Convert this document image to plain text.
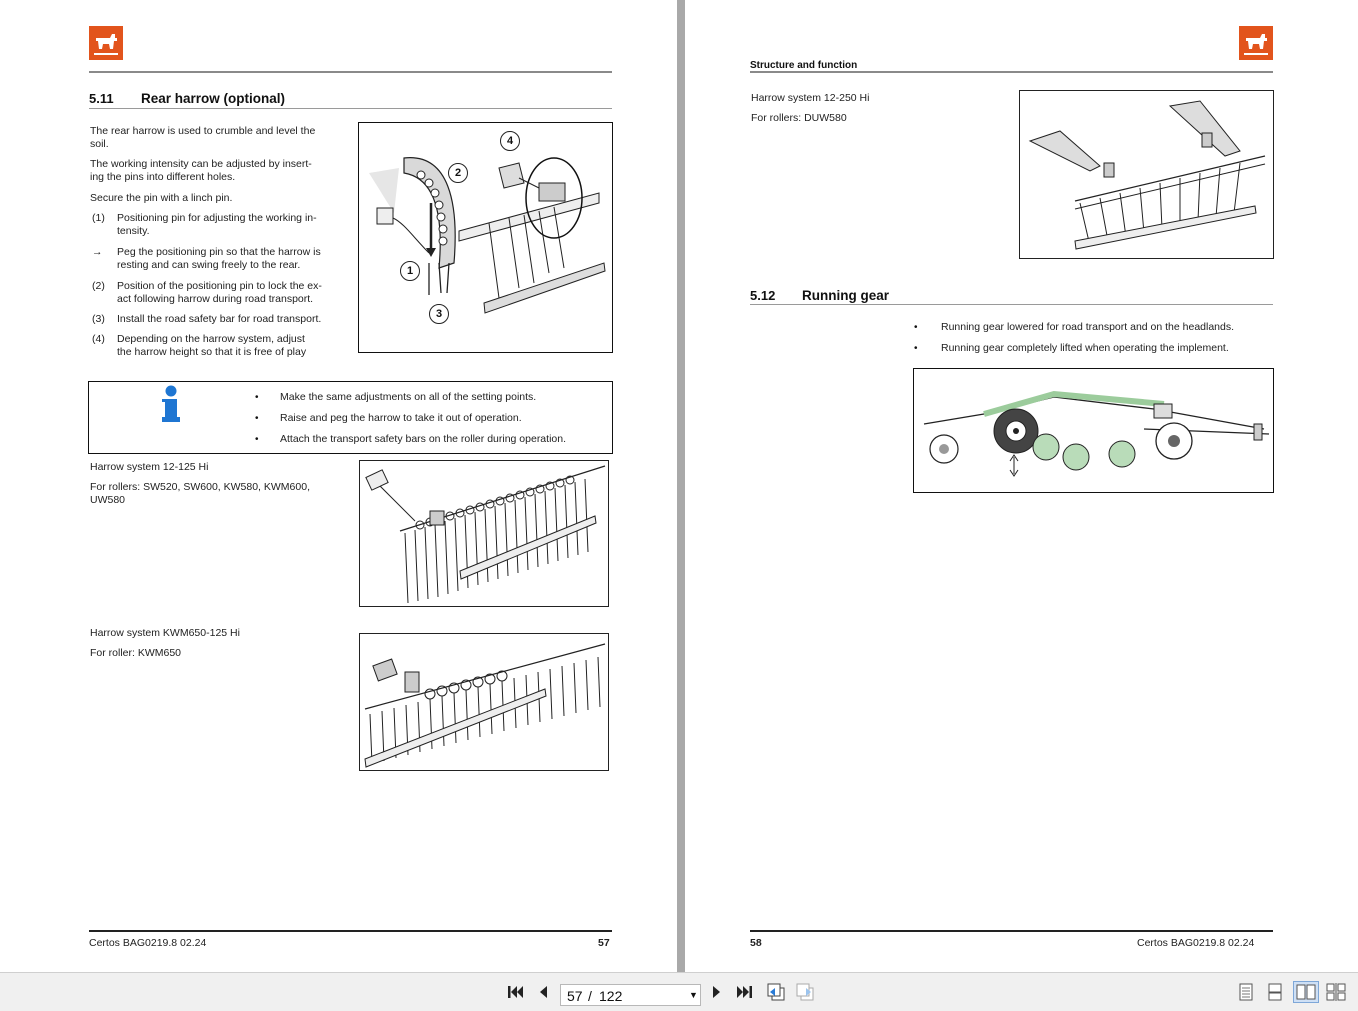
5.11 Rear harrow (optional)
The rear harrow is used to crumble and level the
soil.
The working intensity can be adjusted by insert-
ing the pins into different holes.
Secure the pin with a linch pin.
(1) Positioning pin for adjusting the working in-
tensity.
→ Peg the positioning pin so that the harrow is
resting and can swing freely to the rear.
(2) Position of the positioning pin to lock the ex-
act following harrow during road transport.
(3) Install the road safety bar for road transport.
(4) Depending on the harrow system, adjust
the harrow height so that it is free of play
4
2
1
3
• Make the same adjustments on all of the setting points.
• Raise and peg the harrow to take it out of operation.
• Attach the transport safety bars on the roller during operation.
Harrow system 12-125 Hi
For rollers: SW520, SW600, KW580, KWM600,
UW580
Harrow system KWM650-125 Hi
For roller: KWM650
Certos BAG0219.8 02.24	57
Structure and function
Harrow system 12-250 Hi
For rollers: DUW580
5.12 Running gear
• Running gear lowered for road transport and on the headlands.
• Running gear completely lifted when operating the implement.
58	Certos BAG0219.8 02.24
57 / 122	▼
